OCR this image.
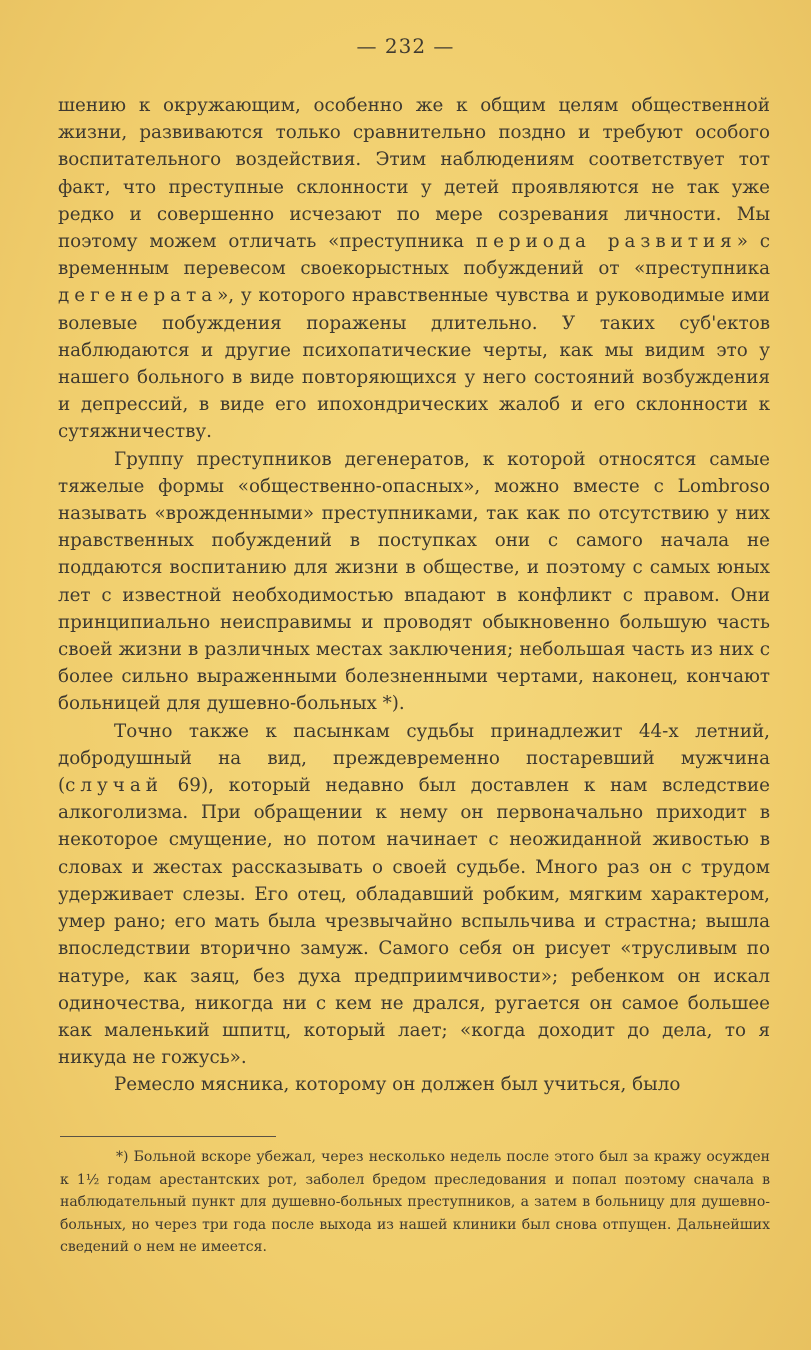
— 232 —

шению к окружающим, особенно же к общим целям общественной жизни, развиваются только сравнительно поздно и требуют особого воспитательного воздействия. Этим наблюдениям соответствует тот факт, что преступные склонности у детей проявляются не так уже редко и совершенно исчезают по мере созревания личности. Мы поэтому можем отличать «преступника периода развития» с временным перевесом своекорыстных побуждений от «преступника дегенерата», у которого нравственные чувства и руководимые ими волевые побуждения поражены длительно. У таких суб'ектов наблюдаются и другие психопатические черты, как мы видим это у нашего больного в виде повторяющихся у него состояний возбуждения и депрессий, в виде его ипохондрических жалоб и его склонности к сутяжничеству.

Группу преступников дегенератов, к которой относятся самые тяжелые формы «общественно-опасных», можно вместе с Lombroso называть «врожденными» преступниками, так как по отсутствию у них нравственных побуждений в поступках они с самого начала не поддаются воспитанию для жизни в обществе, и поэтому с самых юных лет с известной необходимостью впадают в конфликт с правом. Они принципиально неисправимы и проводят обыкновенно большую часть своей жизни в различных местах заключения; небольшая часть из них с более сильно выраженными болезненными чертами, наконец, кончают больницей для душевно-больных *).

Точно также к пасынкам судьбы принадлежит 44-х летний, добродушный на вид, преждевременно постаревший мужчина (случай 69), который недавно был доставлен к нам вследствие алкоголизма. При обращении к нему он первоначально приходит в некоторое смущение, но потом начинает с неожиданной живостью в словах и жестах рассказывать о своей судьбе. Много раз он с трудом удерживает слезы. Его отец, обладавший робким, мягким характером, умер рано; его мать была чрезвычайно вспыльчива и страстна; вышла впоследствии вторично замуж. Самого себя он рисует «трусливым по натуре, как заяц, без духа предприимчивости»; ребенком он искал одиночества, никогда ни с кем не дрался, ругается он самое большее как маленький шпитц, который лает; «когда доходит до дела, то я никуда не гожусь».

Ремесло мясника, которому он должен был учиться, было

*) Больной вскоре убежал, через несколько недель после этого был за кражу осужден к 1½ годам арестантских рот, заболел бредом преследования и попал поэтому сначала в наблюдательный пункт для душевно-больных преступников, а затем в больницу для душевно-больных, но через три года после выхода из нашей клиники был снова отпущен. Дальнейших сведений о нем не имеется.
